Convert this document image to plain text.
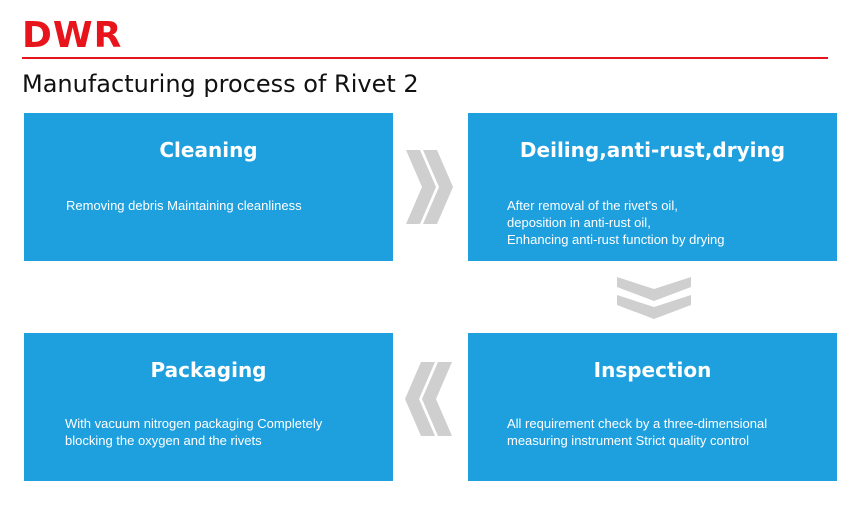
DWR
Manufacturing process of Rivet 2
Cleaning
Removing debris Maintaining cleanliness
Deiling,anti-rust,drying
After removal of the rivet's oil,
deposition in anti-rust oil,
Enhancing anti-rust function by drying
Inspection
All requirement check by a three-dimensional
measuring instrument Strict quality control
Packaging
With vacuum nitrogen packaging Completely
blocking the oxygen and the rivets
